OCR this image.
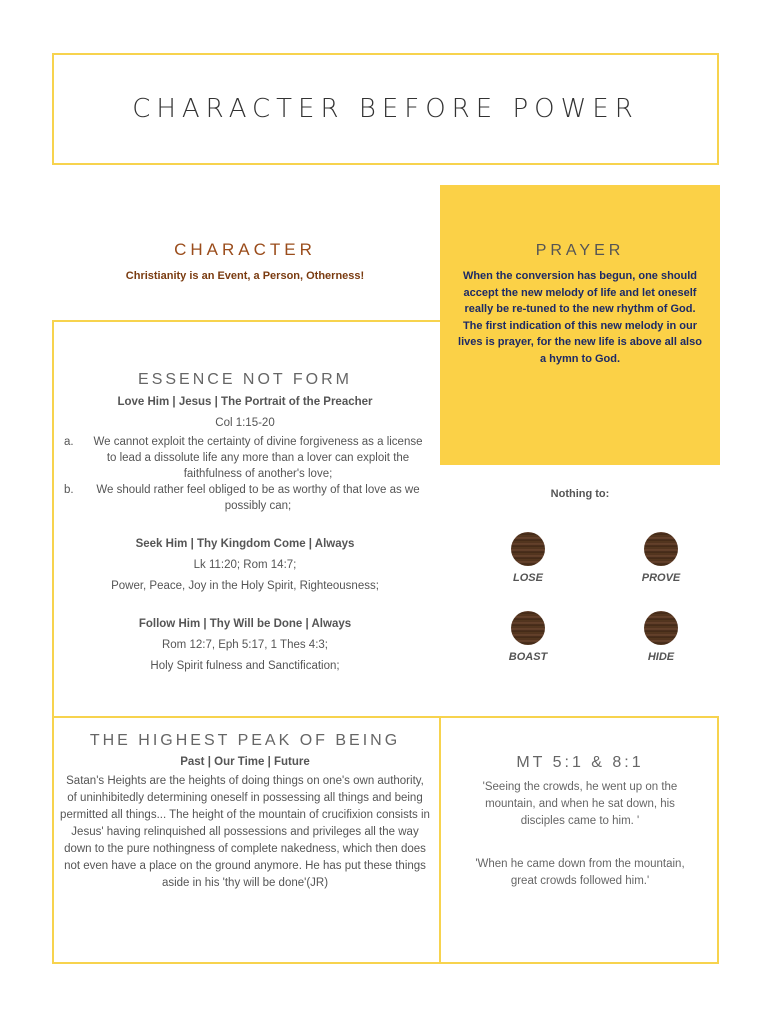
CHARACTER BEFORE POWER
CHARACTER
Christianity is an Event, a Person, Otherness!
ESSENCE NOT FORM
Love Him | Jesus | The Portrait of the Preacher
Col 1:15-20
a.	We cannot exploit the certainty of divine forgiveness as a license to lead a dissolute life any more than a lover can exploit the faithfulness of another's love;
b.	We should rather feel obliged to be as worthy of that love as we possibly can;
Seek Him | Thy Kingdom Come | Always
Lk 11:20; Rom 14:7;
Power, Peace, Joy in the Holy Spirit, Righteousness;
Follow Him | Thy Will be Done | Always
Rom 12:7, Eph 5:17, 1 Thes 4:3;
Holy Spirit fulness and Sanctification;
PRAYER
When the conversion has begun, one should accept the new melody of life and let oneself really be re-tuned to the new rhythm of God. The first indication of this new melody in our lives is prayer, for the new life is above all also a hymn to God.
Nothing to:
LOSE	PROVE
BOAST	HIDE
THE HIGHEST PEAK OF BEING
Past | Our Time | Future
Satan's Heights are the heights of doing things on one's own authority, of uninhibitedly determining oneself in possessing all things and being permitted all things... The height of the mountain of crucifixion consists in Jesus' having relinquished all possessions and privileges all the way down to the pure nothingness of complete nakedness, which then does not even have a place on the ground anymore. He has put these things aside in his 'thy will be done'(JR)
MT 5:1 & 8:1
'Seeing the crowds, he went up on the mountain, and when he sat down, his disciples came to him. '
'When he came down from the mountain, great crowds followed him.'
